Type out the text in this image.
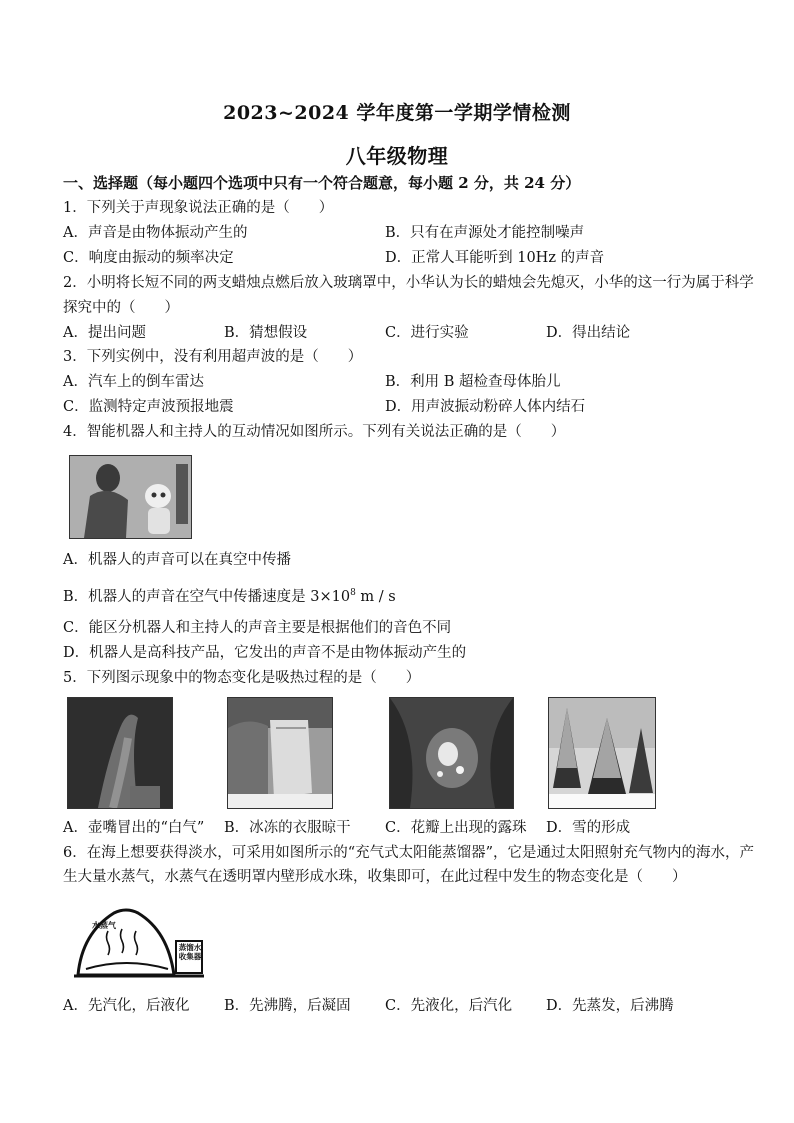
2023~2024 学年度第一学期学情检测
八年级物理
一、选择题（每小题四个选项中只有一个符合题意，每小题 2 分，共 24 分）
1．下列关于声现象说法正确的是（　　）
A．声音是由物体振动产生的	B．只有在声源处才能控制噪声
C．响度由振动的频率决定	D．正常人耳能听到 10Hz 的声音
2．小明将长短不同的两支蜡烛点燃后放入玻璃罩中，小华认为长的蜡烛会先熄灭，小华的这一行为属于科学
探究中的（　　）
A．提出问题	B．猜想假设	C．进行实验	D．得出结论
3．下列实例中，没有利用超声波的是（　　）
A．汽车上的倒车雷达	B．利用 B 超检查母体胎儿
C．监测特定声波预报地震	D．用声波振动粉碎人体内结石
4．智能机器人和主持人的互动情况如图所示。下列有关说法正确的是（　　）
A．机器人的声音可以在真空中传播
B．机器人的声音在空气中传播速度是 $3\times 10^8$ m / s
C．能区分机器人和主持人的声音主要是根据他们的音色不同
D．机器人是高科技产品，它发出的声音不是由物体振动产生的
5．下列图示现象中的物态变化是吸热过程的是（　　）
A．壶嘴冒出的“白气” B．冰冻的衣服晾干 C．花瓣上出现的露珠 D．雪的形成
6．在海上想要获得淡水，可采用如图所示的“充气式太阳能蒸馏器”，它是通过太阳照射充气物内的海水，产
生大量水蒸气，水蒸气在透明罩内壁形成水珠，收集即可，在此过程中发生的物态变化是（　　）
水蒸气
蒸馏水收集器
A．先汽化，后液化 B．先沸腾，后凝固 C．先液化，后汽化 D．先蒸发，后沸腾
